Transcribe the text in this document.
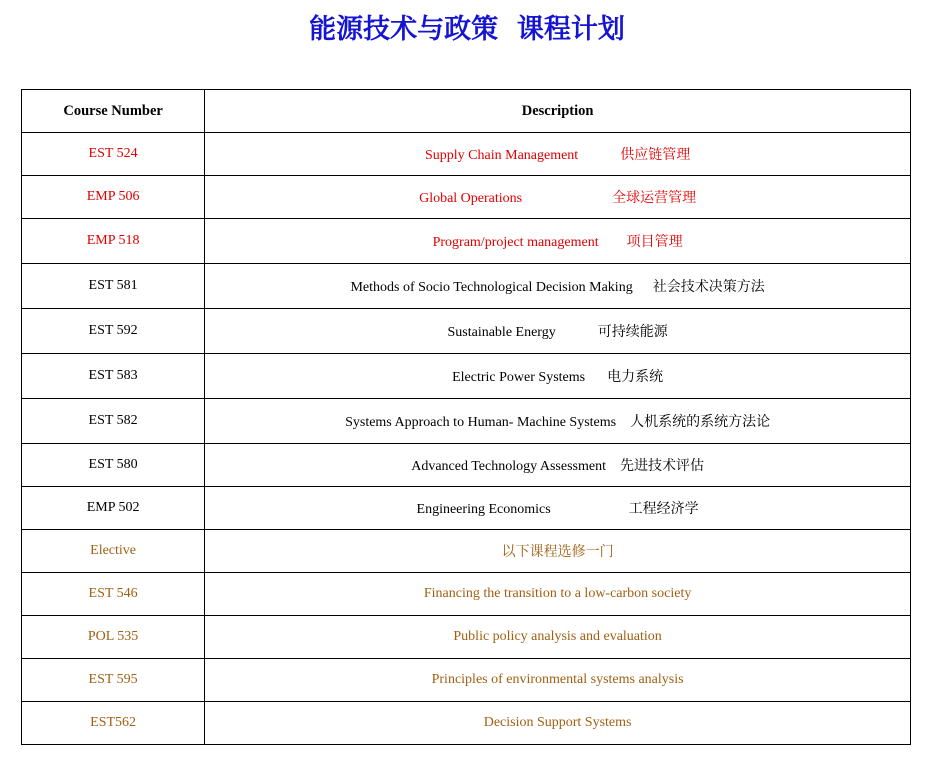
能源技术与政策  课程计划
Course Number	Description
EST 524	Supply Chain Management 供应链管理
EMP 506	Global Operations 全球运营管理
EMP 518	Program/project management 项目管理
EST 581	Methods of Socio Technological Decision Making 社会技术决策方法
EST 592	Sustainable Energy 可持续能源
EST 583	Electric Power Systems 电力系统
EST 582	Systems Approach to Human- Machine Systems 人机系统的系统方法论
EST 580	Advanced Technology Assessment 先进技术评估
EMP 502	Engineering Economics 工程经济学
Elective	以下课程选修一门
EST 546	Financing the transition to a low-carbon society
POL 535	Public policy analysis and evaluation
EST 595	Principles of environmental systems analysis
EST562	Decision Support Systems
